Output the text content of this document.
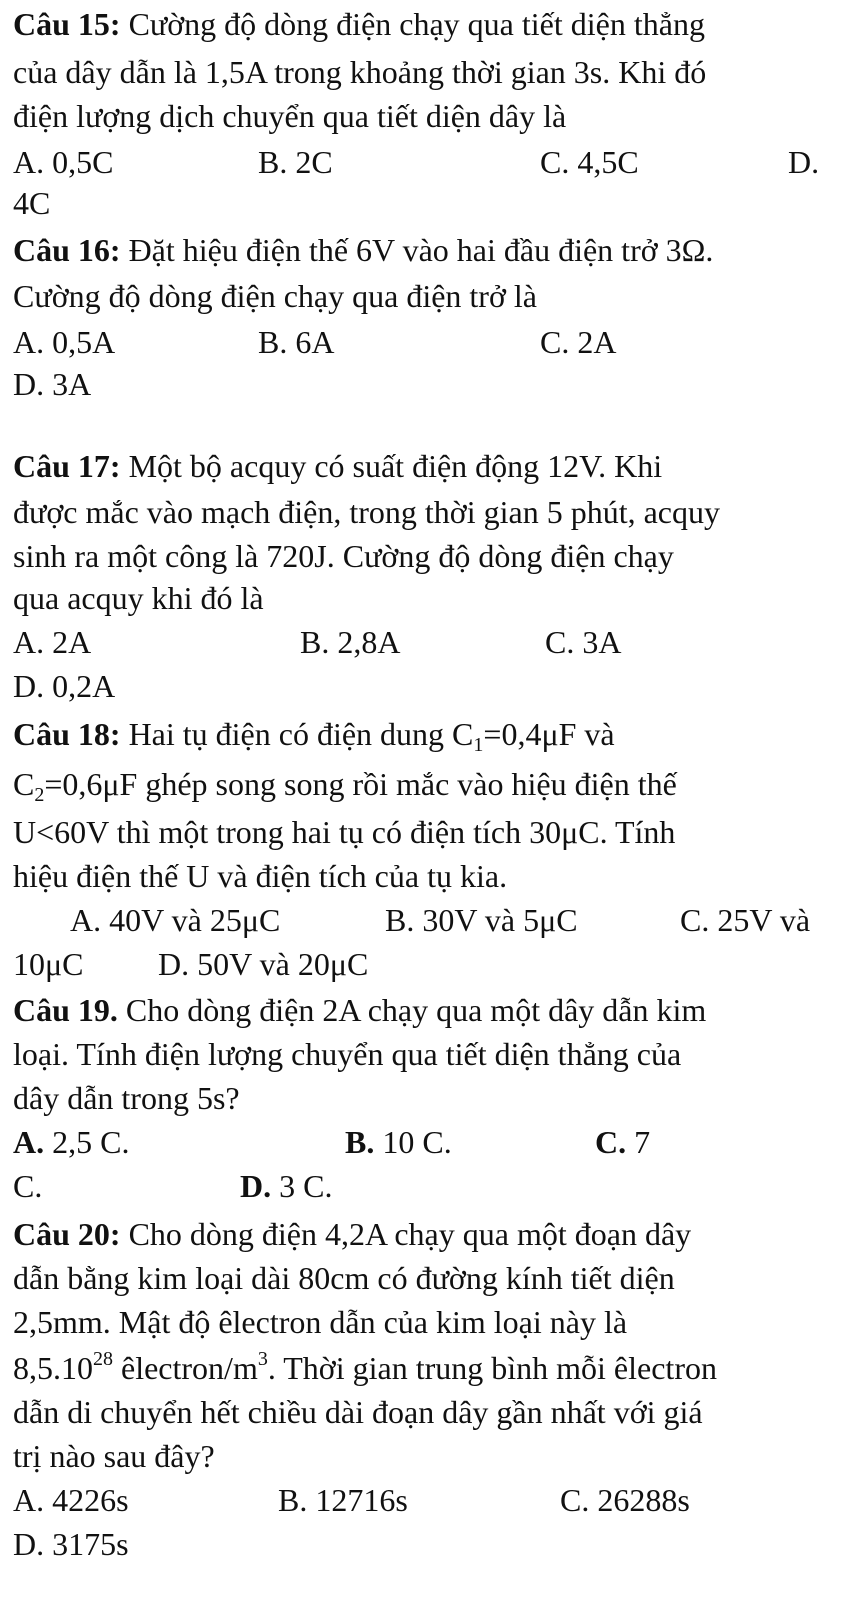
Câu 15: Cường độ dòng điện chạy qua tiết diện thẳng
của dây dẫn là 1,5A trong khoảng thời gian 3s. Khi đó
điện lượng dịch chuyển qua tiết diện dây là
A. 0,5C	B. 2C	C. 4,5C	D.
4C
Câu 16: Đặt hiệu điện thế 6V vào hai đầu điện trở 3Ω.
Cường độ dòng điện chạy qua điện trở là
A. 0,5A	B. 6A	C. 2A
D. 3A
Câu 17: Một bộ acquy có suất điện động 12V. Khi
được mắc vào mạch điện, trong thời gian 5 phút, acquy
sinh ra một công là 720J. Cường độ dòng điện chạy
qua acquy khi đó là
A. 2A	B. 2,8A	C. 3A
D. 0,2A
Câu 18: Hai tụ điện có điện dung $C_1=0,4\mu F$ và
$C_2=0,6\mu F$ ghép song song rồi mắc vào hiệu điện thế
U<60V thì một trong hai tụ có điện tích 30μC. Tính
hiệu điện thế U và điện tích của tụ kia.
A. 40V và 25μC	B. 30V và 5μC	C. 25V và
10μC D. 50V và 20μC
Câu 19. Cho dòng điện 2A chạy qua một dây dẫn kim
loại. Tính điện lượng chuyển qua tiết diện thẳng của
dây dẫn trong 5s?
A. 2,5 C.	B. 10 C.	C. 7
C.	D. 3 C.
Câu 20: Cho dòng điện 4,2A chạy qua một đoạn dây
dẫn bằng kim loại dài 80cm có đường kính tiết diện
2,5mm. Mật độ êlectron dẫn của kim loại này là
8,5.10$^{28}$ êlectron/$m^3$. Thời gian trung bình mỗi êlectron
dẫn di chuyển hết chiều dài đoạn dây gần nhất với giá
trị nào sau đây?
A. 4226s	B. 12716s	C. 26288s
D. 3175s
